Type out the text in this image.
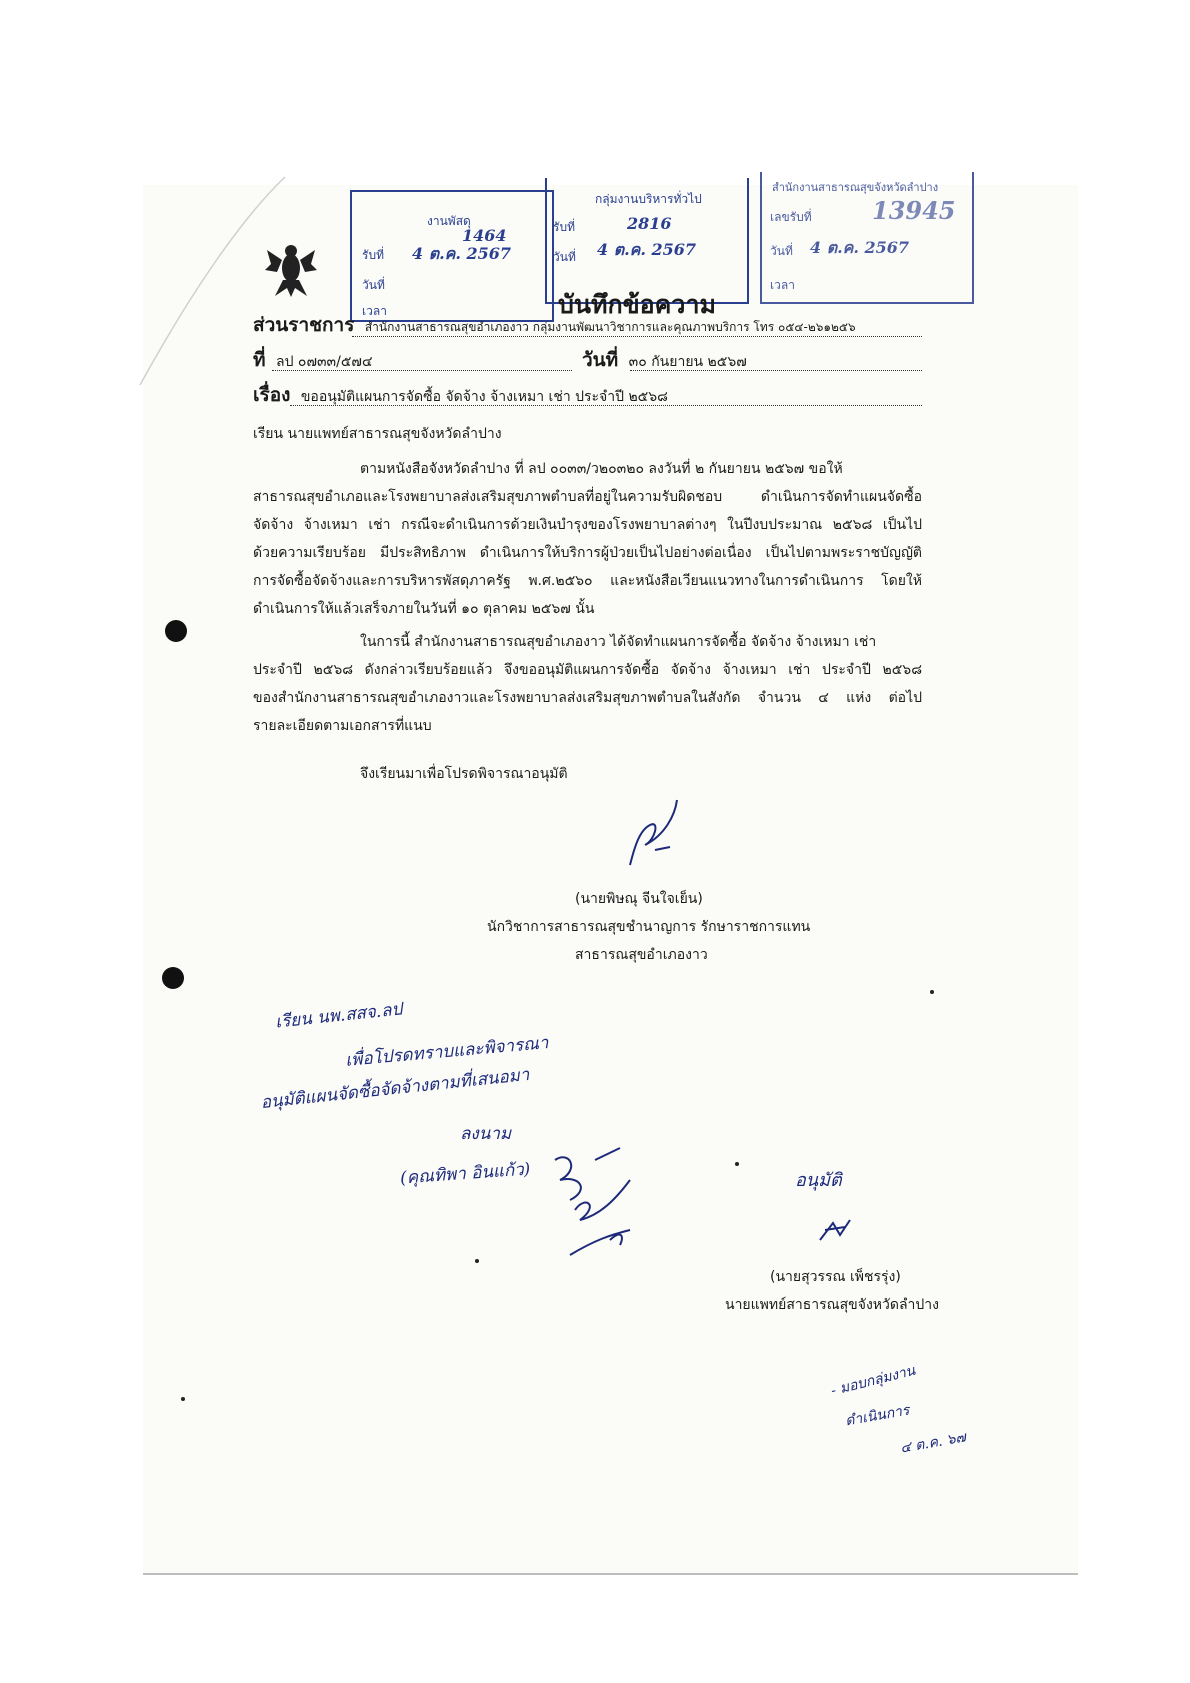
งานพัสดุ
1464
รับที่ 4 ต.ค. 2567
วันที่
เวลา
กลุ่มงานบริหารทั่วไป
รับที่	2816
วันที่ 4 ต.ค. 2567
สำนักงานสาธารณสุขจังหวัดลำปาง
เลขรับที่	13945
วันที่ 4 ต.ค. 2567
เวลา
บันทึกข้อความ
ส่วนราชการ สำนักงานสาธารณสุขอำเภองาว กลุ่มงานพัฒนาวิชาการและคุณภาพบริการ โทร ๐๕๔-๒๖๑๒๕๖
ที่ ลป ๐๗๓๓/๕๗๔	วันที่ ๓๐ กันยายน ๒๕๖๗
เรื่อง ขออนุมัติแผนการจัดซื้อ จัดจ้าง จ้างเหมา เช่า ประจำปี ๒๕๖๘
เรียน นายแพทย์สาธารณสุขจังหวัดลำปาง
ตามหนังสือจังหวัดลำปาง ที่ ลป ๐๐๓๓/ว๒๐๓๒๐ ลงวันที่ ๒ กันยายน ๒๕๖๗ ขอให้
สาธารณสุขอำเภอและโรงพยาบาลส่งเสริมสุขภาพตำบลที่อยู่ในความรับผิดชอบ ดำเนินการจัดทำแผนจัดซื้อ
จัดจ้าง จ้างเหมา เช่า กรณีจะดำเนินการด้วยเงินบำรุงของโรงพยาบาลต่างๆ ในปีงบประมาณ ๒๕๖๘ เป็นไป
ด้วยความเรียบร้อย มีประสิทธิภาพ ดำเนินการให้บริการผู้ป่วยเป็นไปอย่างต่อเนื่อง เป็นไปตามพระราชบัญญัติ
การจัดซื้อจัดจ้างและการบริหารพัสดุภาครัฐ พ.ศ.๒๕๖๐ และหนังสือเวียนแนวทางในการดำเนินการ โดยให้
ดำเนินการให้แล้วเสร็จภายในวันที่ ๑๐ ตุลาคม ๒๕๖๗ นั้น
ในการนี้ สำนักงานสาธารณสุขอำเภองาว ได้จัดทำแผนการจัดซื้อ จัดจ้าง จ้างเหมา เช่า
ประจำปี ๒๕๖๘ ดังกล่าวเรียบร้อยแล้ว จึงขออนุมัติแผนการจัดซื้อ จัดจ้าง จ้างเหมา เช่า ประจำปี ๒๕๖๘
ของสำนักงานสาธารณสุขอำเภองาวและโรงพยาบาลส่งเสริมสุขภาพตำบลในสังกัด จำนวน ๔ แห่ง ต่อไป
รายละเอียดตามเอกสารที่แนบ
จึงเรียนมาเพื่อโปรดพิจารณาอนุมัติ
(นายพิษณุ จีนใจเย็น)
นักวิชาการสาธารณสุขชำนาญการ รักษาราชการแทน
สาธารณสุขอำเภองาว
เรียน นพ.สสจ.ลป
เพื่อโปรดทราบและพิจารณา
อนุมัติแผนจัดซื้อจัดจ้างตามที่เสนอมา
ลงนาม
(คุณทิพา อินแก้ว)	อนุมัติ
(นายสุวรรณ เพ็ชรรุ่ง)
นายแพทย์สาธารณสุขจังหวัดลำปาง
- มอบกลุ่มงาน
ดำเนินการ
๔ ต.ค. ๖๗
